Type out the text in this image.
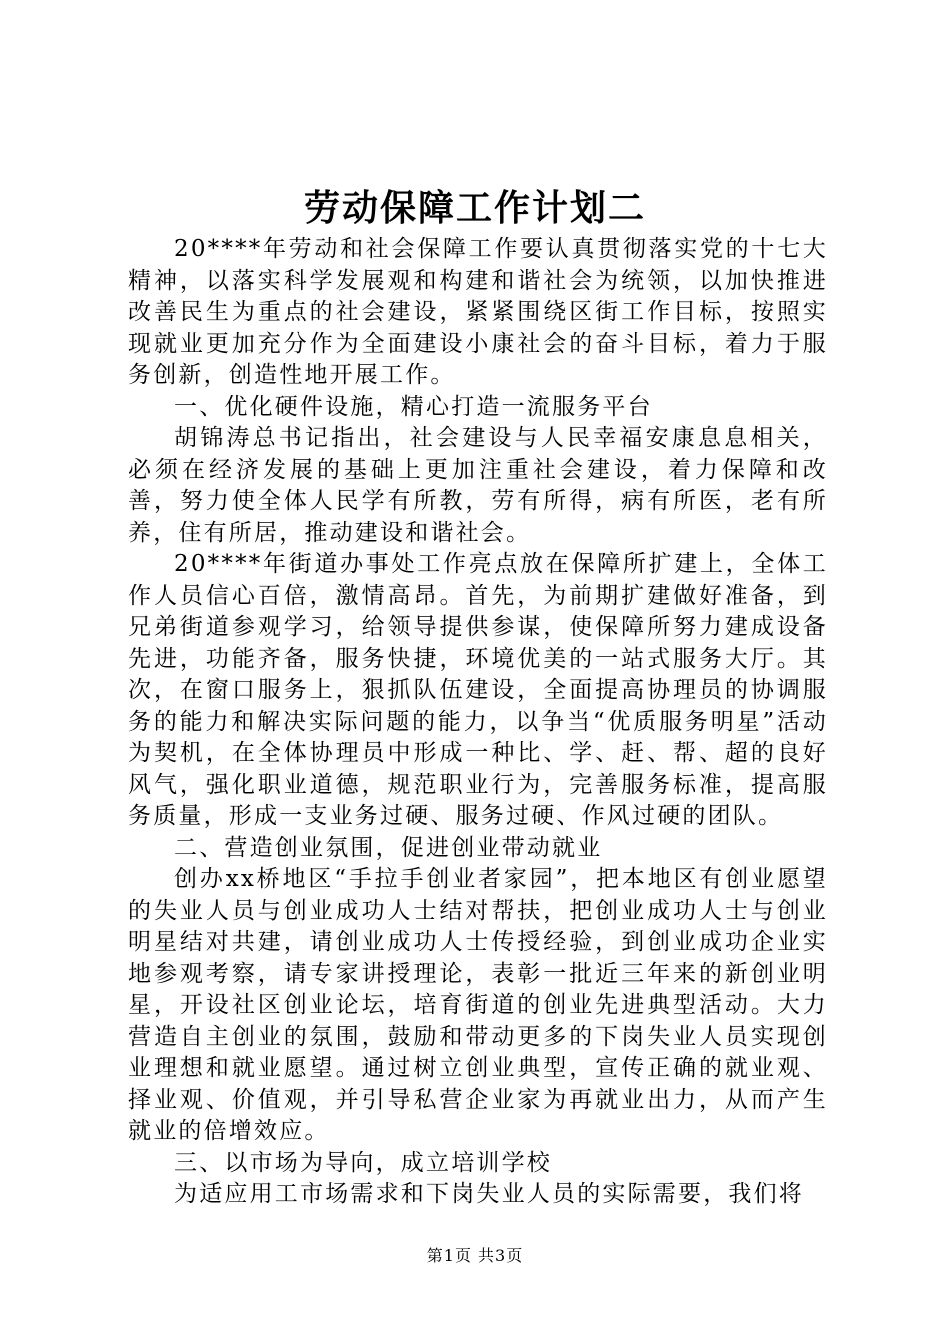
劳动保障工作计划二

20****年劳动和社会保障工作要认真贯彻落实党的十七大精神，以落实科学发展观和构建和谐社会为统领，以加快推进改善民生为重点的社会建设，紧紧围绕区街工作目标，按照实现就业更加充分作为全面建设小康社会的奋斗目标，着力于服务创新，创造性地开展工作。

一、优化硬件设施，精心打造一流服务平台

胡锦涛总书记指出，社会建设与人民幸福安康息息相关，必须在经济发展的基础上更加注重社会建设，着力保障和改善，努力使全体人民学有所教，劳有所得，病有所医，老有所养，住有所居，推动建设和谐社会。

20****年街道办事处工作亮点放在保障所扩建上，全体工作人员信心百倍，激情高昂。首先，为前期扩建做好准备，到兄弟街道参观学习，给领导提供参谋，使保障所努力建成设备先进，功能齐备，服务快捷，环境优美的一站式服务大厅。其次，在窗口服务上，狠抓队伍建设，全面提高协理员的协调服务的能力和解决实际问题的能力，以争当“优质服务明星”活动为契机，在全体协理员中形成一种比、学、赶、帮、超的良好风气，强化职业道德，规范职业行为，完善服务标准，提高服务质量，形成一支业务过硬、服务过硬、作风过硬的团队。

二、营造创业氛围，促进创业带动就业

创办xx桥地区“手拉手创业者家园”，把本地区有创业愿望的失业人员与创业成功人士结对帮扶，把创业成功人士与创业明星结对共建，请创业成功人士传授经验，到创业成功企业实地参观考察，请专家讲授理论，表彰一批近三年来的新创业明星，开设社区创业论坛，培育街道的创业先进典型活动。大力营造自主创业的氛围，鼓励和带动更多的下岗失业人员实现创业理想和就业愿望。通过树立创业典型，宣传正确的就业观、择业观、价值观，并引导私营企业家为再就业出力，从而产生就业的倍增效应。

三、以市场为导向，成立培训学校

为适应用工市场需求和下岗失业人员的实际需要，我们将

第1页 共3页
